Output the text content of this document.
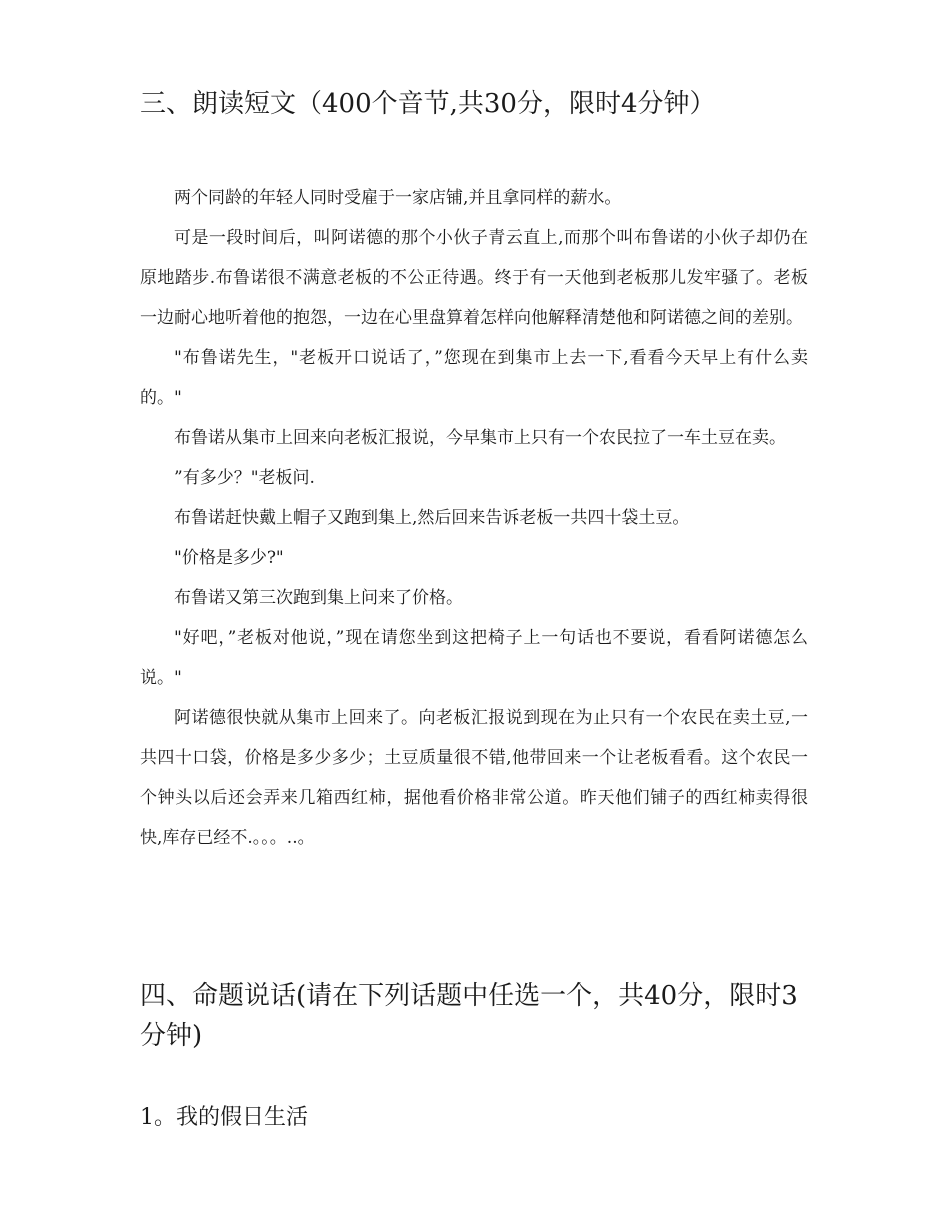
三、朗读短文（400个音节,共30分，限时4分钟）

两个同龄的年轻人同时受雇于一家店铺,并且拿同样的薪水。

可是一段时间后，叫阿诺德的那个小伙子青云直上,而那个叫布鲁诺的小伙子却仍在原地踏步.布鲁诺很不满意老板的不公正待遇。终于有一天他到老板那儿发牢骚了。老板一边耐心地听着他的抱怨，一边在心里盘算着怎样向他解释清楚他和阿诺德之间的差别。

"布鲁诺先生，"老板开口说话了，”您现在到集市上去一下,看看今天早上有什么卖的。"

布鲁诺从集市上回来向老板汇报说，今早集市上只有一个农民拉了一车土豆在卖。

”有多少？"老板问.

布鲁诺赶快戴上帽子又跑到集上,然后回来告诉老板一共四十袋土豆。

"价格是多少?"

布鲁诺又第三次跑到集上问来了价格。

"好吧，”老板对他说，”现在请您坐到这把椅子上一句话也不要说，看看阿诺德怎么说。"

阿诺德很快就从集市上回来了。向老板汇报说到现在为止只有一个农民在卖土豆,一共四十口袋，价格是多少多少；土豆质量很不错,他带回来一个让老板看看。这个农民一个钟头以后还会弄来几箱西红柿，据他看价格非常公道。昨天他们铺子的西红柿卖得很快,库存已经不.。。。..。

四、命题说话(请在下列话题中任选一个，共40分，限时3分钟)

1。我的假日生活
